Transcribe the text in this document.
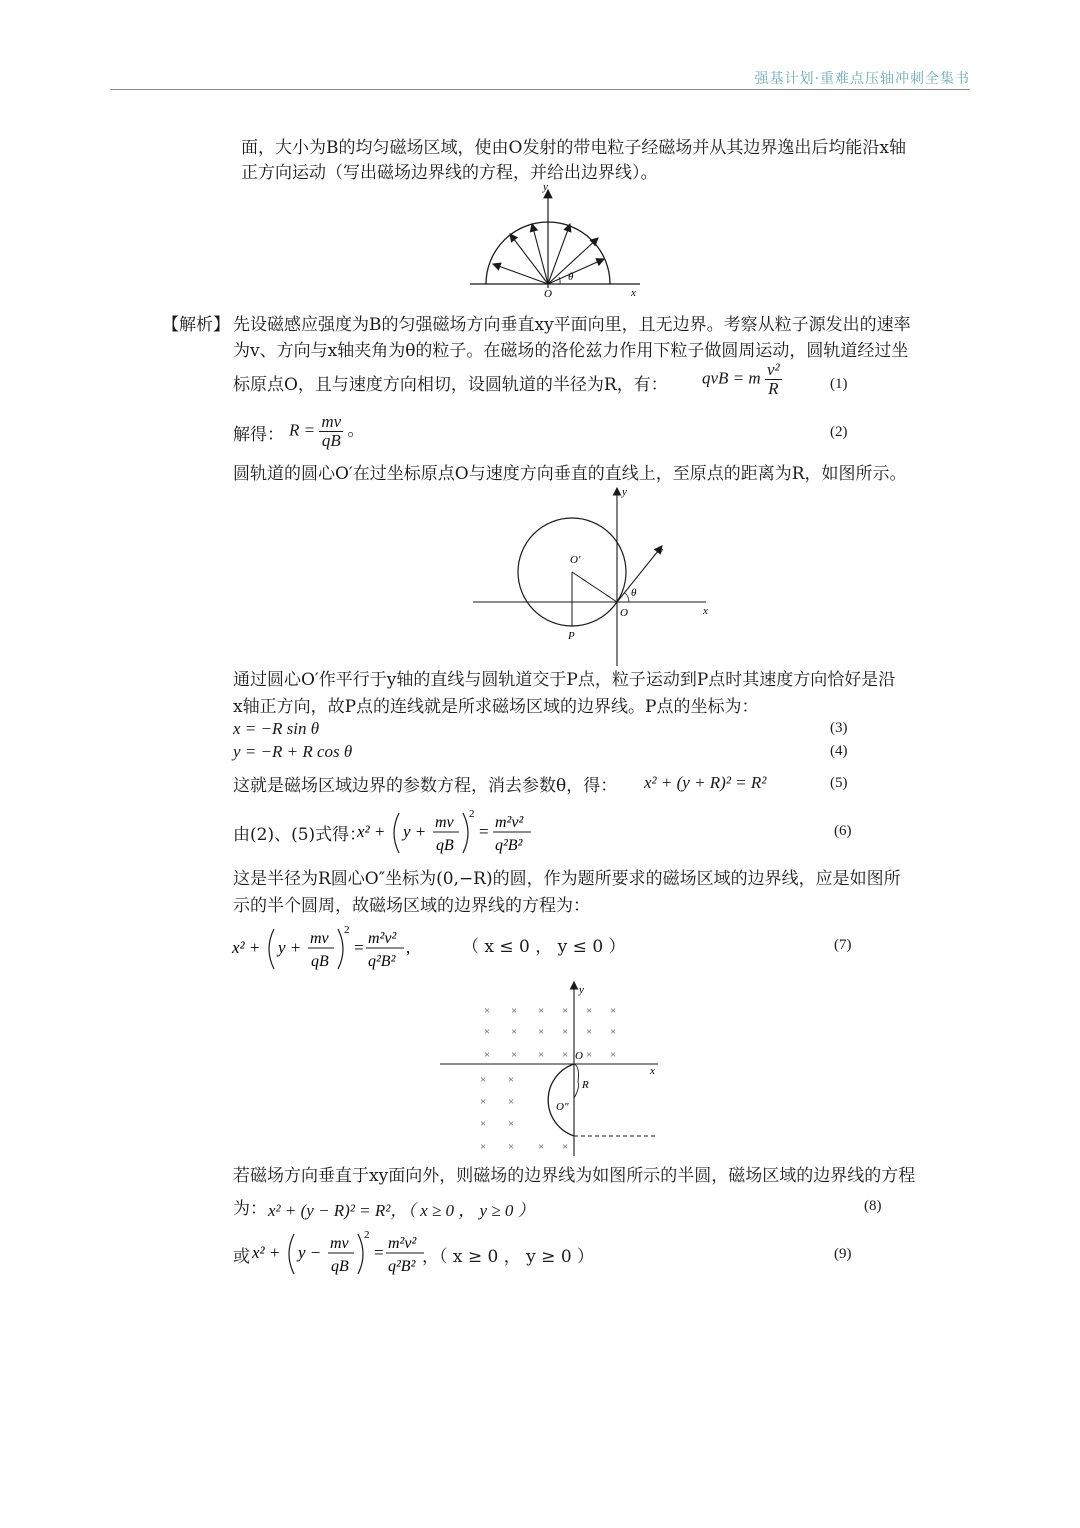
强基计划·重难点压轴冲刺全集书
面，大小为B的均匀磁场区域，使由O发射的带电粒子经磁场并从其边界逸出后均能沿x轴
正方向运动（写出磁场边界线的方程，并给出边界线）。
y
x
O
θ
【解析】 先设磁感应强度为B的匀强磁场方向垂直xy平面向里，且无边界。考察从粒子源发出的速率
为v、方向与x轴夹角为θ的粒子。在磁场的洛伦兹力作用下粒子做圆周运动，圆轨道经过坐
标原点O，且与速度方向相切，设圆轨道的半径为R，有： qvB = m $\frac{\text{v²}}{R}$	(1)
解得： $R = \frac{mv}{qB}$ 。	(2)
圆轨道的圆心O′在过坐标原点O与速度方向垂直的直线上，至原点的距离为R，如图所示。
y
x
O
O′
P
v
θ
通过圆心O′作平行于y轴的直线与圆轨道交于P点，粒子运动到P点时其速度方向恰好是沿
x轴正方向，故P点的连线就是所求磁场区域的边界线。P点的坐标为：
x = −R sin θ	(3)
y = −R + R cos θ	(4)
这就是磁场区域边界的参数方程，消去参数θ，得： x² + (y + R)² = R²	(5)
由(2)、(5)式得：
x² + y + mv
qB
2
= m²v²
q²B²
(6)
这是半径为R圆心O″坐标为(0,−R)的圆，作为题所要求的磁场区域的边界线，应是如图所
示的半个圆周，故磁场区域的边界线的方程为：
x² + y + mv
qB
2
= m²v²
q²B²
,	（ x ≤ 0 ， y ≤ 0 ）	(7)
× × × × × ×
× × × × × ×
× × × × × ×
× ×
× ×
× ×
× × × ×
y
x
O
R
O″
若磁场方向垂直于xy面向外，则磁场的边界线为如图所示的半圆，磁场区域的边界线的方程
为： x² + (y − R)² = R²，（ x ≥ 0 ， y ≥ 0 ）	(8)
或 x² + y − mv
qB
2
= m²v²
q²B² ，（ x ≥ 0 ， y ≥ 0 ）	(9)
